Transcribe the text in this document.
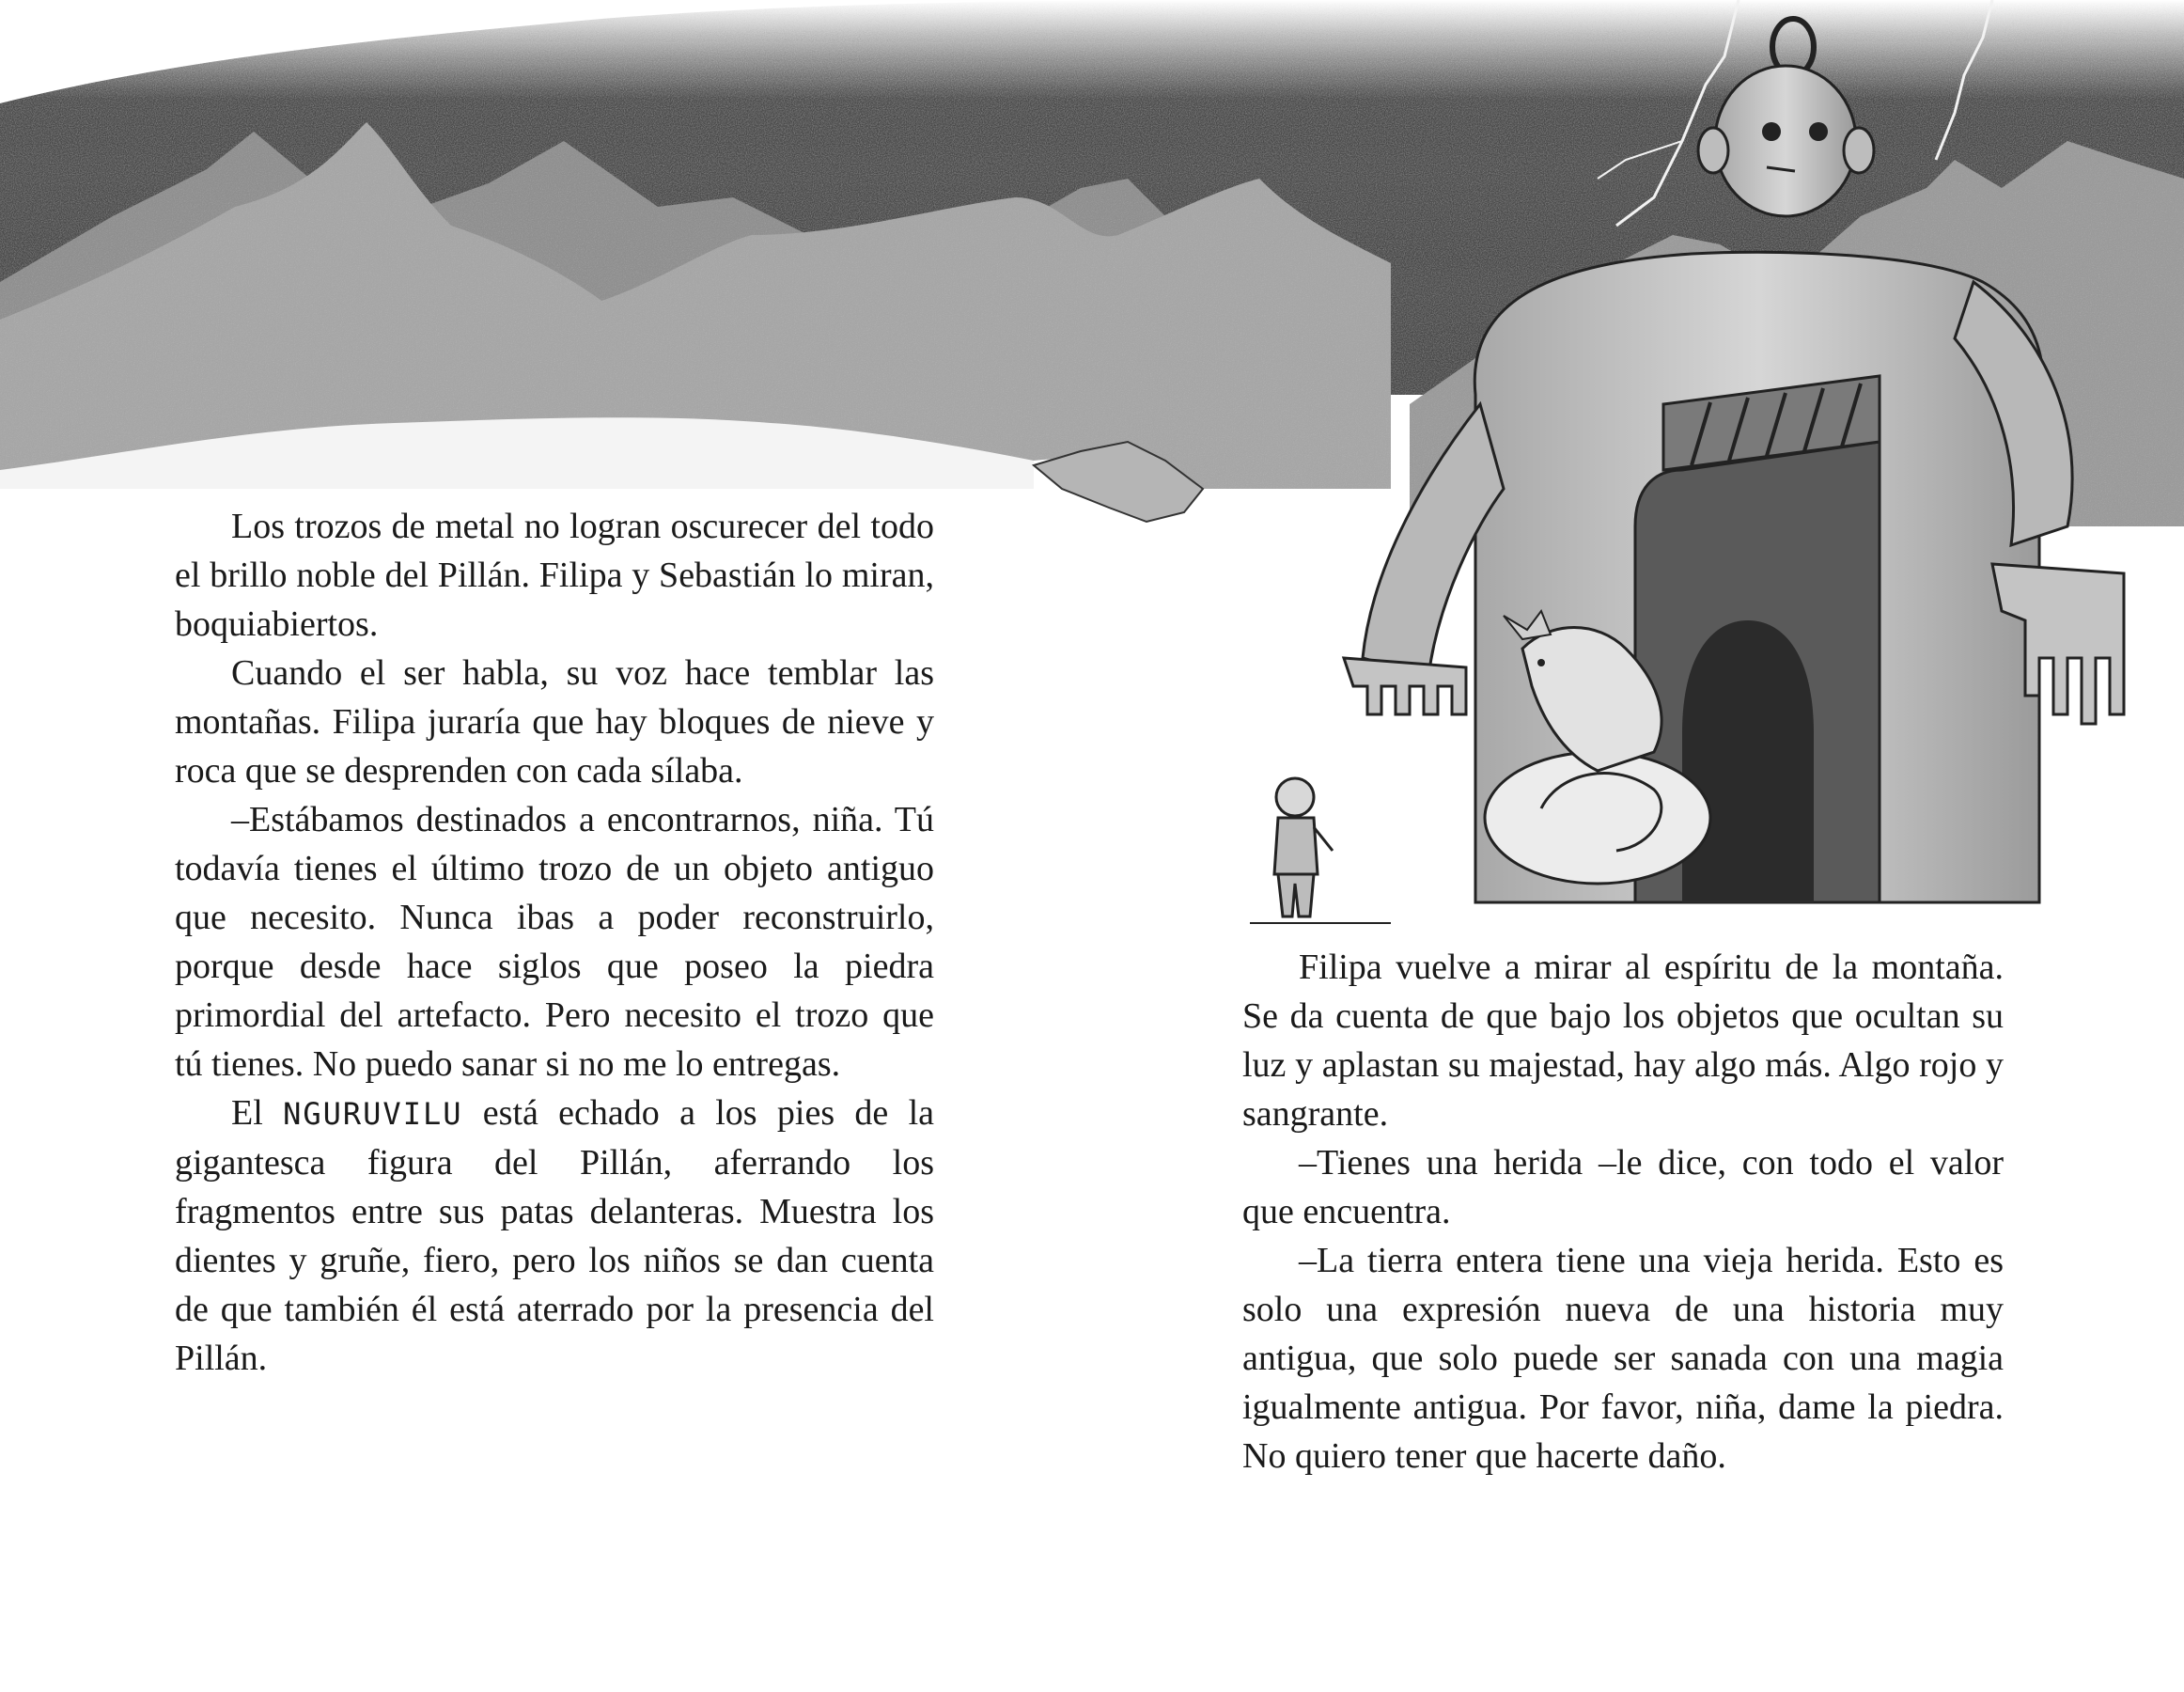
Los trozos de metal no logran oscurecer del todo el brillo noble del Pillán. Filipa y Sebastián lo miran, boquiabiertos.

Cuando el ser habla, su voz hace temblar las montañas. Filipa juraría que hay bloques de nieve y roca que se desprenden con cada sílaba.

–Estábamos destinados a encontrarnos, niña. Tú todavía tienes el último trozo de un objeto antiguo que necesito. Nunca ibas a poder reconstruirlo, porque desde hace siglos que poseo la piedra primordial del artefacto. Pero necesito el trozo que tú tienes. No puedo sanar si no me lo entregas.

El NGURUVILU está echado a los pies de la gigantesca figura del Pillán, aferrando los fragmentos entre sus patas delanteras. Muestra los dientes y gruñe, fiero, pero los niños se dan cuenta de que también él está aterrado por la presencia del Pillán.

Filipa vuelve a mirar al espíritu de la montaña. Se da cuenta de que bajo los objetos que ocultan su luz y aplastan su majestad, hay algo más. Algo rojo y sangrante.

–Tienes una herida –le dice, con todo el valor que encuentra.

–La tierra entera tiene una vieja herida. Esto es solo una expresión nueva de una historia muy antigua, que solo puede ser sanada con una magia igualmente antigua. Por favor, niña, dame la piedra. No quiero tener que hacerte daño.
